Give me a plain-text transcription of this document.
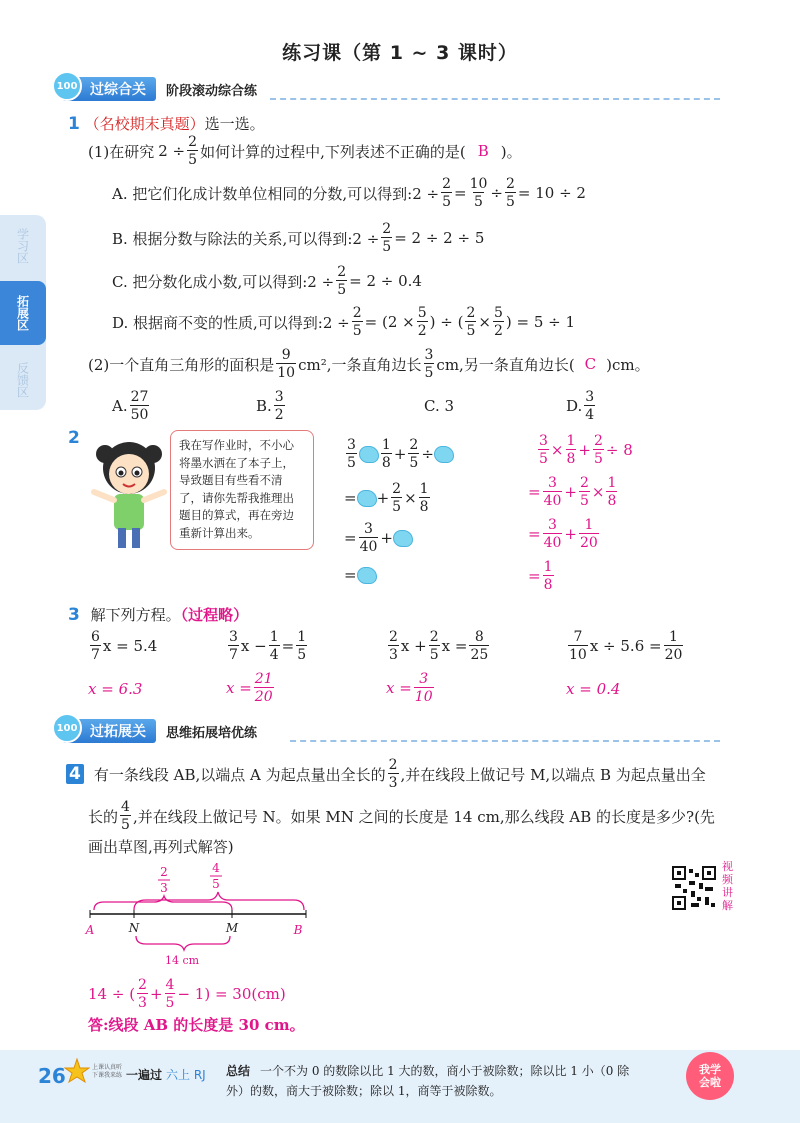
练习课（第 1 ~ 3 课时）
学习区
拓展区
反馈区
100 过综合关	阶段滚动综合练
1 （名校期末真题）选一选。
(1)在研究 $2 \div \frac{2}{5}$ 如何计算的过程中,下列表述不正确的是( B )。
A. 把它们化成计数单位相同的分数,可以得到:2 ÷ $\frac{2}{5} = \frac{10}{5} \div \frac{2}{5} = 10 \div 2$
B. 根据分数与除法的关系,可以得到:2 ÷ $\frac{2}{5} = 2 \div 2 \div 5$
C. 把分数化成小数,可以得到:2 ÷ $\frac{2}{5} = 2 \div 0.4$
D. 根据商不变的性质,可以得到:2 ÷ $\frac{2}{5} = (2 \times \frac{5}{2}$ ) ÷ ( $\frac{2}{5} \times \frac{5}{2}$ ) = 5 ÷ 1
(2)一个直角三角形的面积是 $\frac{9}{10} cm^2$,一条直角边长 $\frac{3}{5}$ cm,另一条直角边长( C )cm。
A. $\frac{27}{50}$	B. $\frac{3}{2}$	C. 3	D. $\frac{3}{4}$
2	我在写作业时，不小心将墨水洒在了本子上，导致题目有些看不清了，请你先帮我推理出题目的算式，再在旁边重新计算出来。
$\frac{3}{5} \frac{1}{8} + \frac{2}{5}$ ÷
= + $\frac{2}{5} \times \frac{1}{8}$
= $\frac{3}{40}$ +
=
$\frac{3}{5} \times \frac{1}{8} + \frac{2}{5} \div 8$
= $\frac{3}{40} + \frac{2}{5} \times \frac{1}{8}$
= $\frac{3}{40} + \frac{1}{20}$
= $\frac{1}{8}$
3 解下列方程。（过程略）
$\frac{6}{7}$ x = 5.4	$\frac{3}{7}$ $x - \frac{1}{4} = \frac{1}{5}$	$\frac{2}{3}$ $x + \frac{2}{5}$ $x = \frac{8}{25}$	$\frac{7}{10}$ $x \div 5.6 = \frac{1}{20}$
x = 6.3	$x = \frac{21}{20}$	$x = \frac{3}{10}$	x = 0.4
100 过拓展关	思维拓展培优练
4 有一条线段 AB,以端点 A 为起点量出全长的 $\frac{2}{3}$ ,并在线段上做记号 M,以端点 B 为起点量出全
长的 $\frac{4}{5}$ ,并在线段上做记号 N。如果 MN 之间的长度是 14 cm,那么线段 AB 的长度是多少?(先
画出草图,再列式解答)
视频讲解
2
3
4
5
A	N	M	B
14 cm
14 ÷ ( $\frac{2}{3} + \frac{4}{5} - 1) = 30(cm)$
答:线段 AB 的长度是 30 cm。
26	上课认真听
下课我来练 一遍过 六上 RJ 总结 一个不为 0 的数除以比 1 大的数，商小于被除数；除以比 1 小（0 除
外）的数，商大于被除数；除以 1，商等于被除数。
我学
会啦
